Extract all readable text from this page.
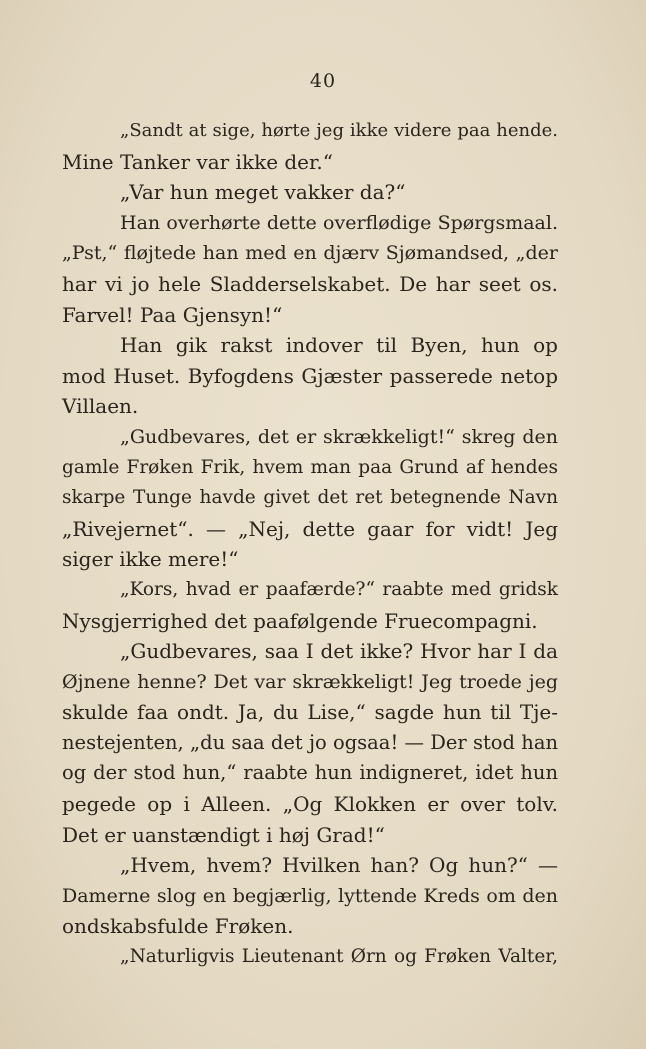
40
„Sandt at sige, hørte jeg ikke videre paa hende.
Mine Tanker var ikke der.“
„Var hun meget vakker da?“
Han overhørte dette overflødige Spørgsmaal.
„Pst,“ fløjtede han med en djærv Sjømandsed, „der
har vi jo hele Sladderselskabet. De har seet os.
Farvel! Paa Gjensyn!“
Han gik rakst indover til Byen, hun op
mod Huset. Byfogdens Gjæster passerede netop
Villaen.
„Gudbevares, det er skrækkeligt!“ skreg den
gamle Frøken Frik, hvem man paa Grund af hendes
skarpe Tunge havde givet det ret betegnende Navn
„Rivejernet“. — „Nej, dette gaar for vidt! Jeg
siger ikke mere!“
„Kors, hvad er paafærde?“ raabte med gridsk
Nysgjerrighed det paafølgende Fruecompagni.
„Gudbevares, saa I det ikke? Hvor har I da
Øjnene henne? Det var skrækkeligt! Jeg troede jeg
skulde faa ondt. Ja, du Lise,“ sagde hun til Tje-
nestejenten, „du saa det jo ogsaa! — Der stod han
og der stod hun,“ raabte hun indigneret, idet hun
pegede op i Alleen. „Og Klokken er over tolv.
Det er uanstændigt i høj Grad!“
„Hvem, hvem? Hvilken han? Og hun?“ —
Damerne slog en begjærlig, lyttende Kreds om den
ondskabsfulde Frøken.
„Naturligvis Lieutenant Ørn og Frøken Valter,
